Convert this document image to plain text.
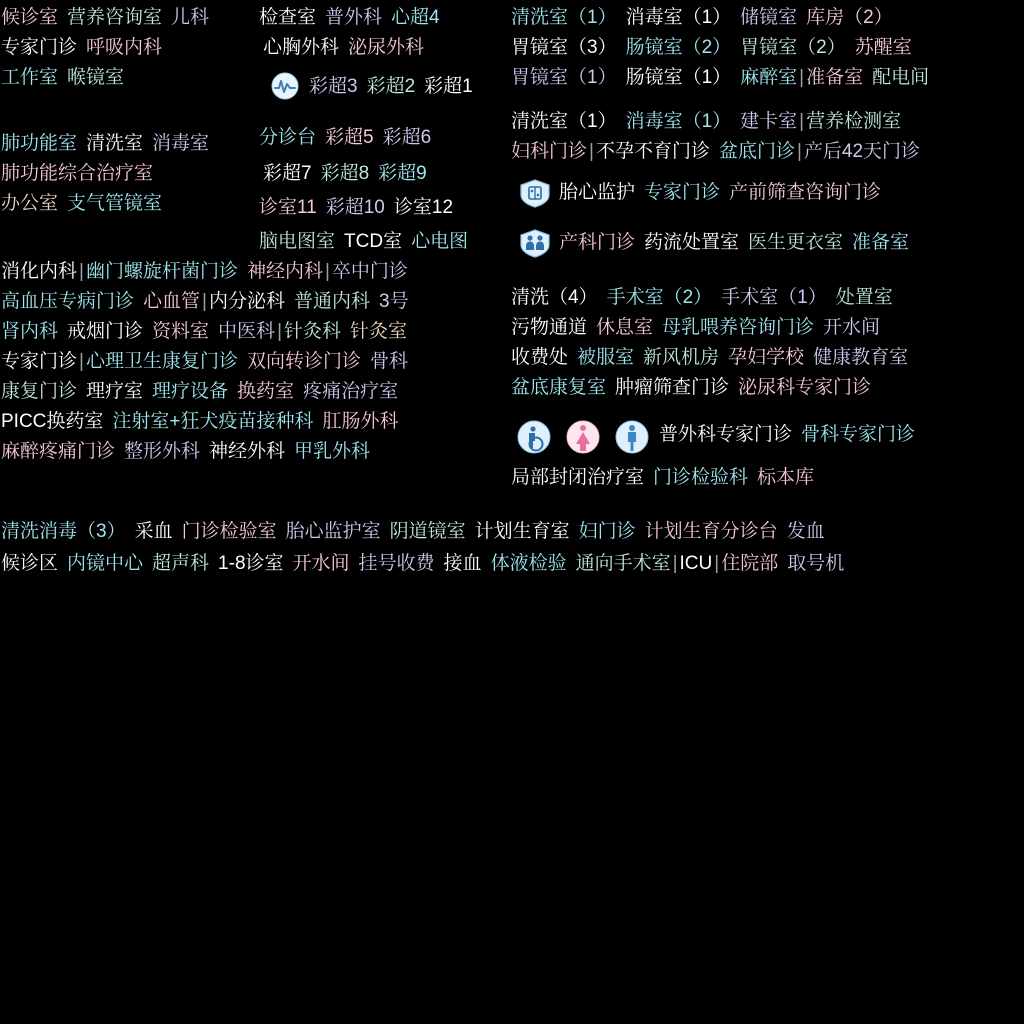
候诊室 营养咨询室 儿科
专家门诊 呼吸内科
工作室 喉镜室
肺功能室 清洗室 消毒室
肺功能综合治疗室
办公室 支气管镜室
检查室 普外科 心超4
心胸外科 泌尿外科
彩超3 彩超2 彩超1
分诊台 彩超5 彩超6
彩超7 彩超8 彩超9
诊室11 彩超10 诊室12
脑电图室 TCD室 心电图
消化内科 | 幽门螺旋杆菌门诊 神经内科 | 卒中门诊
高血压专病门诊 心血管 | 内分泌科 普通内科 3号
肾内科 戒烟门诊 资料室 中医科 | 针灸科 针灸室
专家门诊 | 心理卫生康复门诊 双向转诊门诊 骨科
康复门诊 理疗室 理疗设备 换药室 疼痛治疗室
PICC换药室 注射室+狂犬疫苗接种科 肛肠外科
麻醉疼痛门诊 整形外科 神经外科 甲乳外科
清洗室（1） 消毒室（1） 储镜室 库房（2）
胃镜室（3） 肠镜室（2） 胃镜室（2） 苏醒室
胃镜室（1） 肠镜室（1） 麻醉室 | 准备室 配电间
清洗室（1） 消毒室（1） 建卡室 | 营养检测室
妇科门诊 | 不孕不育门诊 盆底门诊 | 产后42天门诊
胎心监护 专家门诊 产前筛查咨询门诊
产科门诊 药流处置室 医生更衣室 准备室
清洗（4） 手术室（2） 手术室（1） 处置室
污物通道 休息室 母乳喂养咨询门诊 开水间
收费处 被服室 新风机房 孕妇学校 健康教育室
盆底康复室 肿瘤筛查门诊 泌尿科专家门诊
普外科专家门诊 骨科专家门诊
局部封闭治疗室 门诊检验科 标本库
清洗消毒（3） 采血 门诊检验室 胎心监护室 阴道镜室 计划生育室 妇门诊 计划生育分诊台 发血
候诊区 内镜中心 超声科 1-8诊室 开水间 挂号收费 接血 体液检验 通向手术室 | ICU | 住院部 取号机
